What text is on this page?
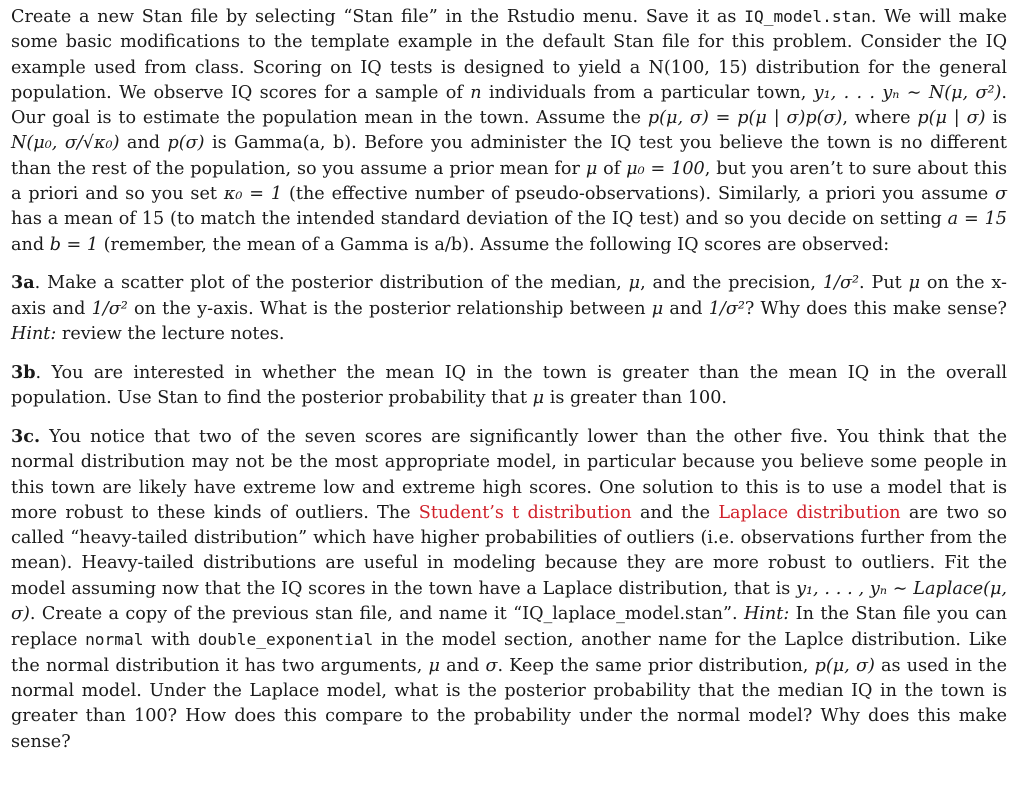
Create a new Stan file by selecting “Stan file” in the Rstudio menu. Save it as IQ_model.stan. We will make some basic modifications to the template example in the default Stan file for this problem. Consider the IQ example used from class. Scoring on IQ tests is designed to yield a N(100, 15) distribution for the general population. We observe IQ scores for a sample of n individuals from a particular town, y₁, . . . yₙ ∼ N(μ, σ²). Our goal is to estimate the population mean in the town. Assume the p(μ, σ) = p(μ | σ)p(σ), where p(μ | σ) is N(μ₀, σ/√κ₀) and p(σ) is Gamma(a, b). Before you administer the IQ test you believe the town is no different than the rest of the population, so you assume a prior mean for μ of μ₀ = 100, but you aren’t to sure about this a priori and so you set κ₀ = 1 (the effective number of pseudo-observations). Similarly, a priori you assume σ has a mean of 15 (to match the intended standard deviation of the IQ test) and so you decide on setting a = 15 and b = 1 (remember, the mean of a Gamma is a/b). Assume the following IQ scores are observed:

3a. Make a scatter plot of the posterior distribution of the median, μ, and the precision, 1/σ². Put μ on the x-axis and 1/σ² on the y-axis. What is the posterior relationship between μ and 1/σ²? Why does this make sense? Hint: review the lecture notes.

3b. You are interested in whether the mean IQ in the town is greater than the mean IQ in the overall population. Use Stan to find the posterior probability that μ is greater than 100.

3c. You notice that two of the seven scores are significantly lower than the other five. You think that the normal distribution may not be the most appropriate model, in particular because you believe some people in this town are likely have extreme low and extreme high scores. One solution to this is to use a model that is more robust to these kinds of outliers. The Student’s t distribution and the Laplace distribution are two so called “heavy-tailed distribution” which have higher probabilities of outliers (i.e. observations further from the mean). Heavy-tailed distributions are useful in modeling because they are more robust to outliers. Fit the model assuming now that the IQ scores in the town have a Laplace distribution, that is y₁, . . . , yₙ ∼ Laplace(μ, σ). Create a copy of the previous stan file, and name it “IQ_laplace_model.stan”. Hint: In the Stan file you can replace normal with double_exponential in the model section, another name for the Laplce distribution. Like the normal distribution it has two arguments, μ and σ. Keep the same prior distribution, p(μ, σ) as used in the normal model. Under the Laplace model, what is the posterior probability that the median IQ in the town is greater than 100? How does this compare to the probability under the normal model? Why does this make sense?
